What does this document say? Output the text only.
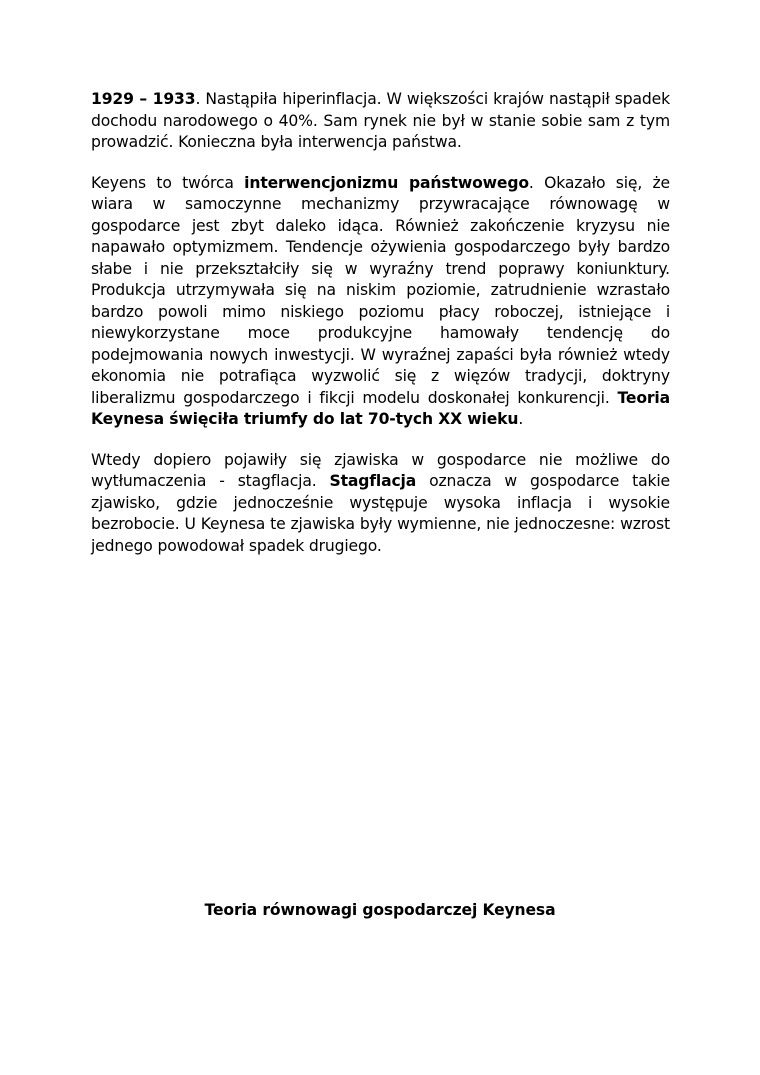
1929 – 1933. Nastąpiła hiperinflacja. W większości krajów nastąpił spadek dochodu narodowego o 40%. Sam rynek nie był w stanie sobie sam z tym prowadzić. Konieczna była interwencja państwa.

Keyens to twórca interwencjonizmu państwowego. Okazało się, że wiara w samoczynne mechanizmy przywracające równowagę w gospodarce jest zbyt daleko idąca. Również zakończenie kryzysu nie napawało optymizmem. Tendencje ożywienia gospodarczego były bardzo słabe i nie przekształciły się w wyraźny trend poprawy koniunktury. Produkcja utrzymywała się na niskim poziomie, zatrudnienie wzrastało bardzo powoli mimo niskiego poziomu płacy roboczej, istniejące i niewykorzystane moce produkcyjne hamowały tendencję do podejmowania nowych inwestycji. W wyraźnej zapaści była również wtedy ekonomia nie potrafiąca wyzwolić się z więzów tradycji, doktryny liberalizmu gospodarczego i fikcji modelu doskonałej konkurencji. Teoria Keynesa święciła triumfy do lat 70-tych XX wieku.

Wtedy dopiero pojawiły się zjawiska w gospodarce nie możliwe do wytłumaczenia - stagflacja. Stagflacja oznacza w gospodarce takie zjawisko, gdzie jednocześnie występuje wysoka inflacja i wysokie bezrobocie. U Keynesa te zjawiska były wymienne, nie jednoczesne: wzrost jednego powodował spadek drugiego.

Teoria równowagi gospodarczej Keynesa
